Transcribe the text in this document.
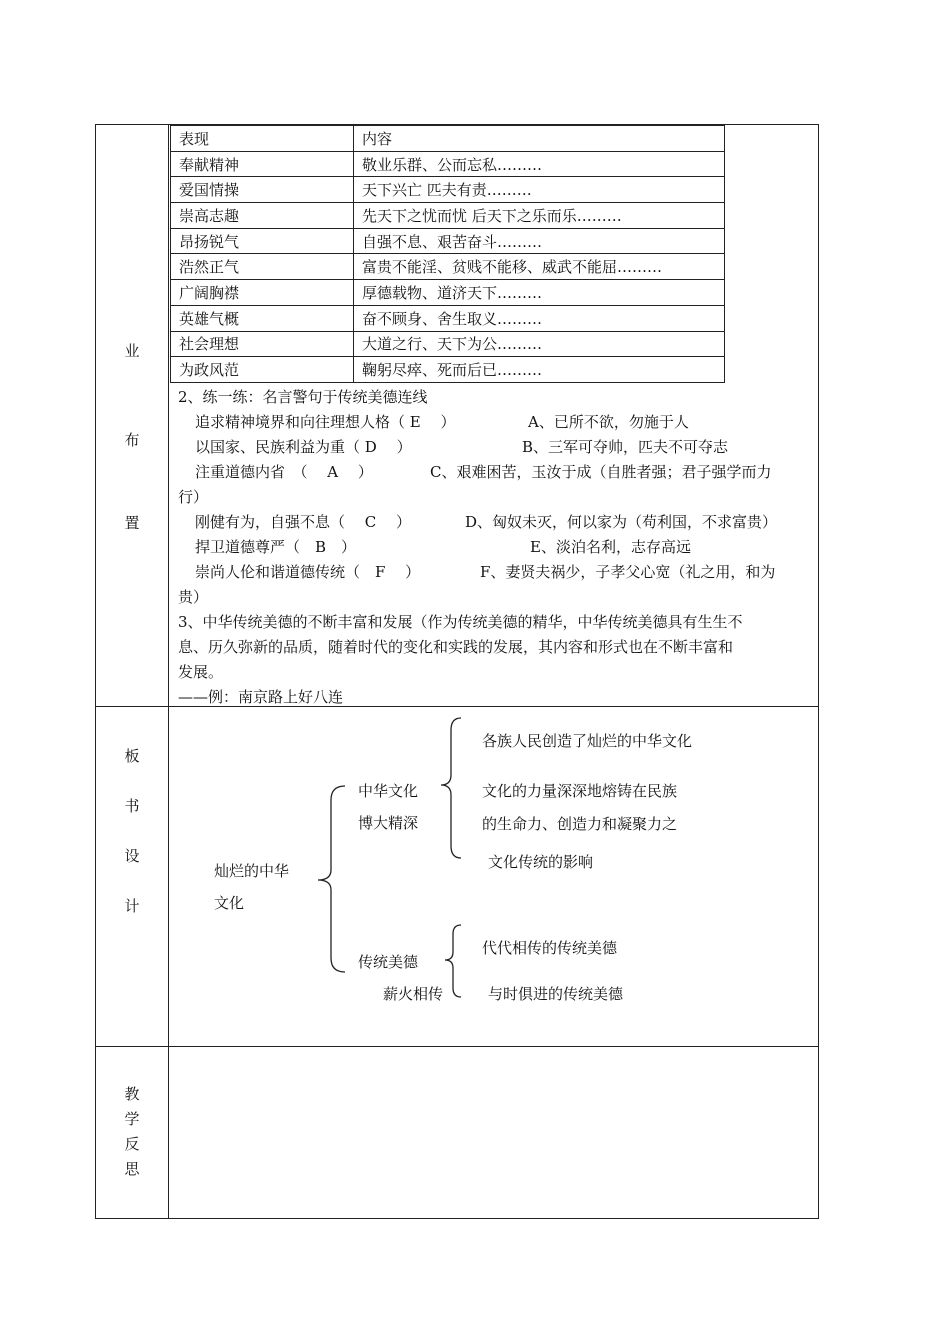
业
布
置
板
书
设
计
教
学
反
思
表现	内容
奉献精神	敬业乐群、公而忘私………
爱国情操	天下兴亡 匹夫有责………
崇高志趣	先天下之忧而忧 后天下之乐而乐………
昂扬锐气	自强不息、艰苦奋斗………
浩然正气	富贵不能淫、贫贱不能移、威武不能屈………
广阔胸襟	厚德载物、道济天下………
英雄气概	奋不顾身、舍生取义………
社会理想	大道之行、天下为公………
为政风范	鞠躬尽瘁、死而后已………
2、练一练：名言警句于传统美德连线
追求精神境界和向往理想人格（ E　 ）	A、已所不欲，勿施于人
以国家、民族利益为重（ D　 ）	B、三军可夺帅，匹夫不可夺志
注重道德内省　（　 A　 ）	C、艰难困苦，玉汝于成（自胜者强；君子强学而力
行）
刚健有为，自强不息（　 C　 ）	D、匈奴未灭，何以家为（苟利国，不求富贵）
捍卫道德尊严（　B　）	E、淡泊名利，志存高远
崇尚人伦和谐道德传统（　F　 ）	F、妻贤夫祸少，子孝父心宽（礼之用，和为
贵）
3、中华传统美德的不断丰富和发展（作为传统美德的精华，中华传统美德具有生生不
息、历久弥新的品质，随着时代的变化和实践的发展，其内容和形式也在不断丰富和
发展。
——例：南京路上好八连
灿烂的中华
文化
中华文化
博大精深
各族人民创造了灿烂的中华文化
文化的力量深深地熔铸在民族
的生命力、创造力和凝聚力之
文化传统的影响
传统美德
薪火相传
代代相传的传统美德
与时俱进的传统美德
